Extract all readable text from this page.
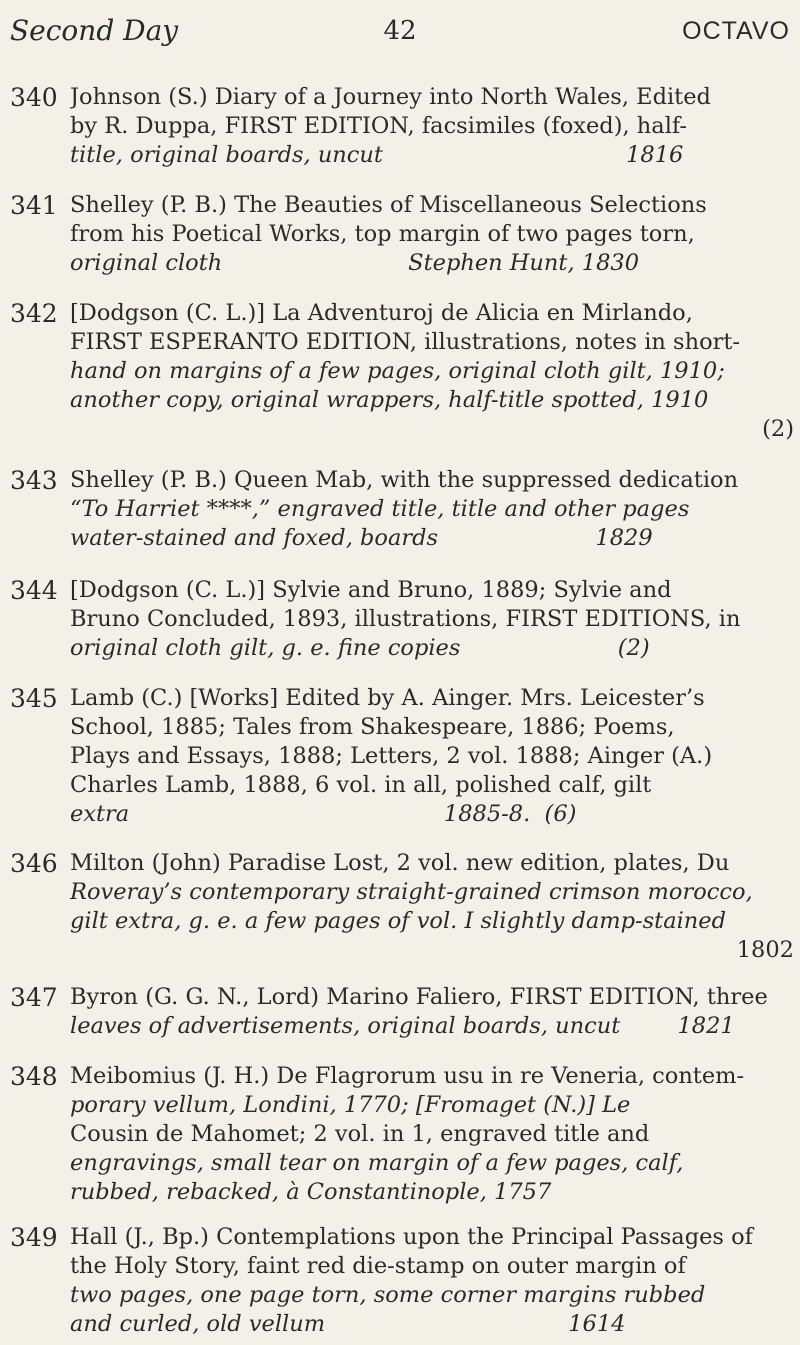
42
Second Day	OCTAVO
340 Johnson (S.) Diary of a Journey into North Wales, Edited
by R. Duppa, FIRST EDITION, facsimiles (foxed), half-
title, original boards, uncut                                  1816
341 Shelley (P. B.) The Beauties of Miscellaneous Selections
from his Poetical Works, top margin of two pages torn,
original cloth                          Stephen Hunt, 1830
342 [Dodgson (C. L.)] La Adventuroj de Alicia en Mirlando,
FIRST ESPERANTO EDITION, illustrations, notes in short-
hand on margins of a few pages, original cloth gilt, 1910;
another copy, original wrappers, half-title spotted, 1910
(2)
343 Shelley (P. B.) Queen Mab, with the suppressed dedication
“To Harriet ****,” engraved title, title and other pages
water-stained and foxed, boards                      1829
344 [Dodgson (C. L.)] Sylvie and Bruno, 1889; Sylvie and
Bruno Concluded, 1893, illustrations, FIRST EDITIONS, in
original cloth gilt, g. e. fine copies                      (2)
345 Lamb (C.) [Works] Edited by A. Ainger. Mrs. Leicester’s
School, 1885; Tales from Shakespeare, 1886; Poems,
Plays and Essays, 1888; Letters, 2 vol. 1888; Ainger (A.)
Charles Lamb, 1888, 6 vol. in all, polished calf, gilt
extra                                            1885-8.  (6)
346 Milton (John) Paradise Lost, 2 vol. new edition, plates, Du
Roveray’s contemporary straight-grained crimson morocco,
gilt extra, g. e. a few pages of vol. I slightly damp-stained
1802
347 Byron (G. G. N., Lord) Marino Faliero, FIRST EDITION, three
leaves of advertisements, original boards, uncut        1821
348 Meibomius (J. H.) De Flagrorum usu in re Veneria, contem-
porary vellum, Londini, 1770; [Fromaget (N.)] Le
Cousin de Mahomet; 2 vol. in 1, engraved title and
engravings, small tear on margin of a few pages, calf,
rubbed, rebacked, à Constantinople, 1757
349 Hall (J., Bp.) Contemplations upon the Principal Passages of
the Holy Story, faint red die-stamp on outer margin of
two pages, one page torn, some corner margins rubbed
and curled, old vellum                                  1614
